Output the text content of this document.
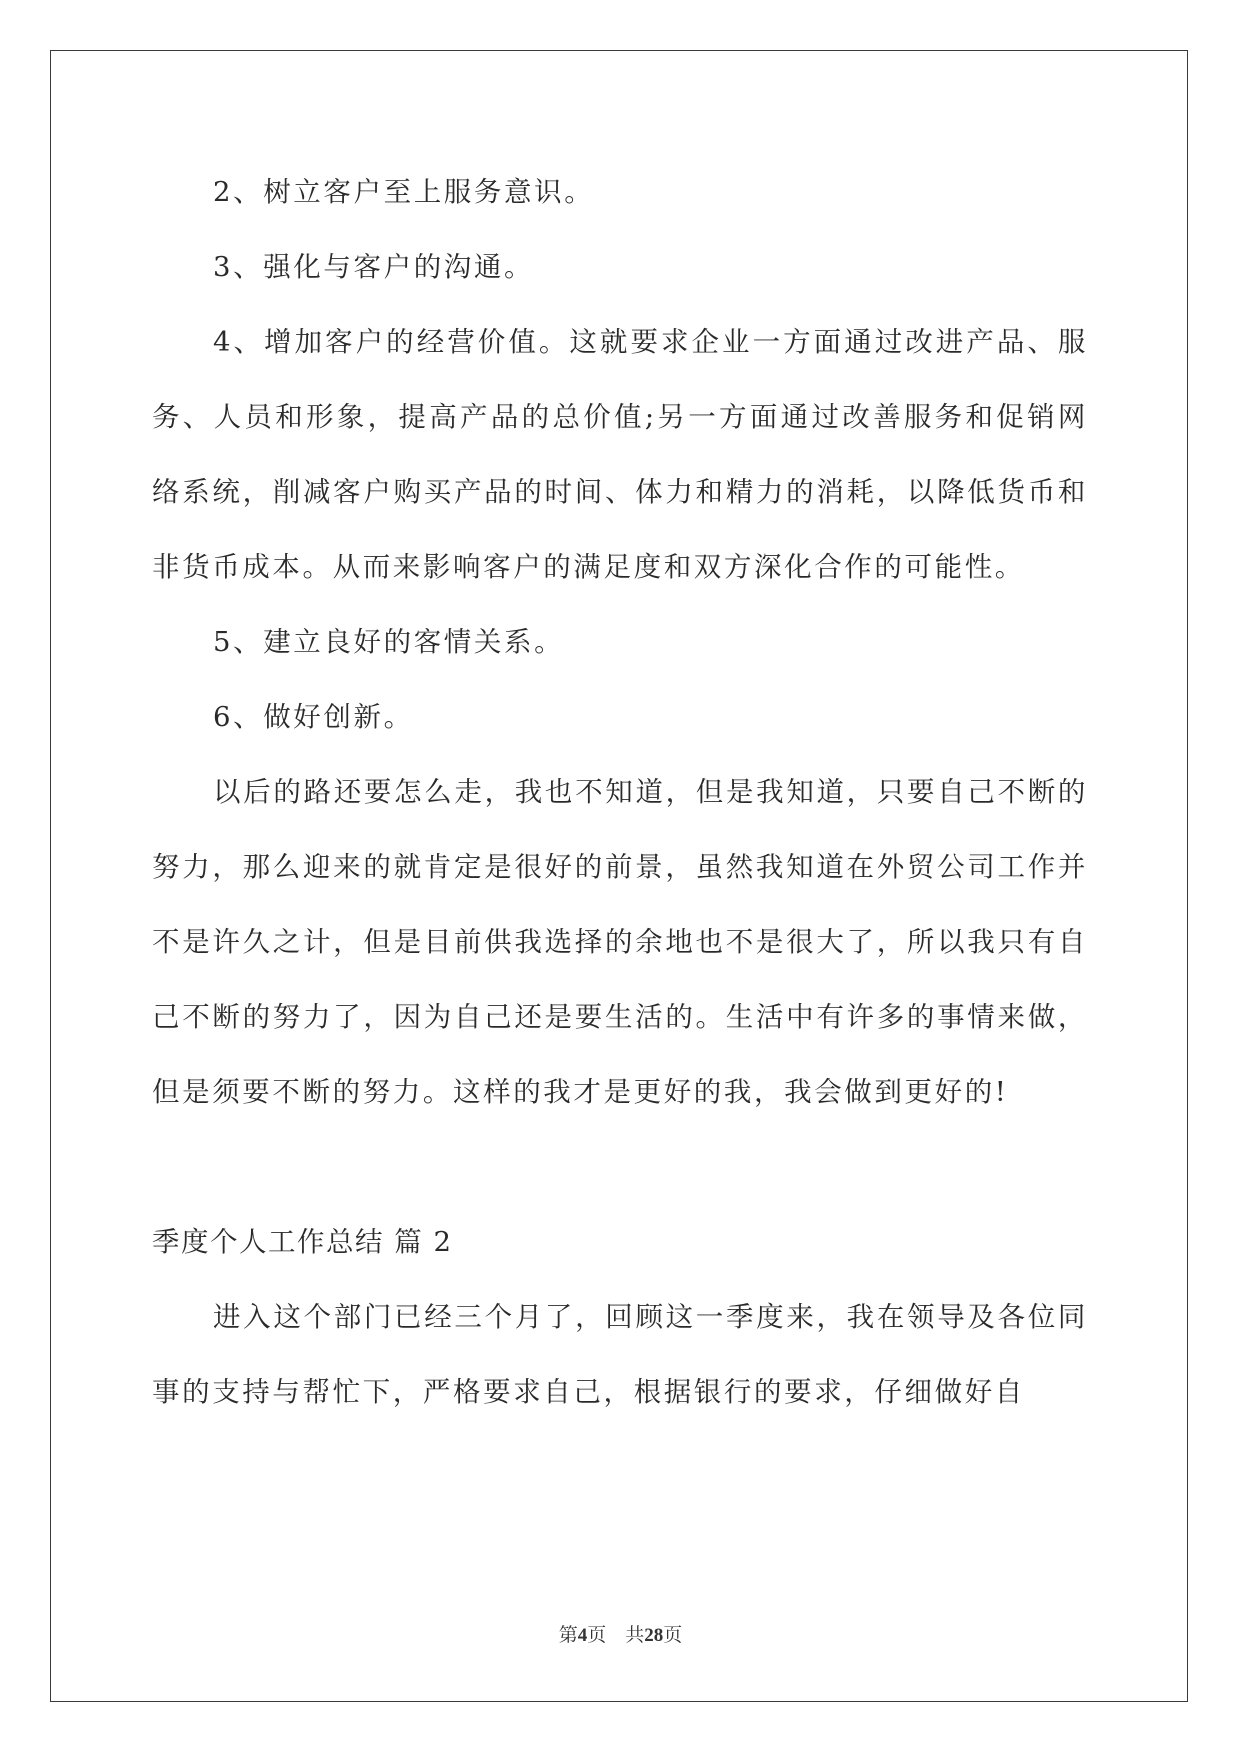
2、树立客户至上服务意识。

3、强化与客户的沟通。

4、增加客户的经营价值。这就要求企业一方面通过改进产品、服务、人员和形象，提高产品的总价值;另一方面通过改善服务和促销网络系统，削减客户购买产品的时间、体力和精力的消耗，以降低货币和非货币成本。从而来影响客户的满足度和双方深化合作的可能性。

5、建立良好的客情关系。

6、做好创新。

以后的路还要怎么走，我也不知道，但是我知道，只要自己不断的努力，那么迎来的就肯定是很好的前景，虽然我知道在外贸公司工作并不是许久之计，但是目前供我选择的余地也不是很大了，所以我只有自己不断的努力了，因为自己还是要生活的。生活中有许多的事情来做，但是须要不断的努力。这样的我才是更好的我，我会做到更好的!

季度个人工作总结 篇 2

进入这个部门已经三个月了，回顾这一季度来，我在领导及各位同事的支持与帮忙下，严格要求自己，根据银行的要求，仔细做好自

第4页 共28页
